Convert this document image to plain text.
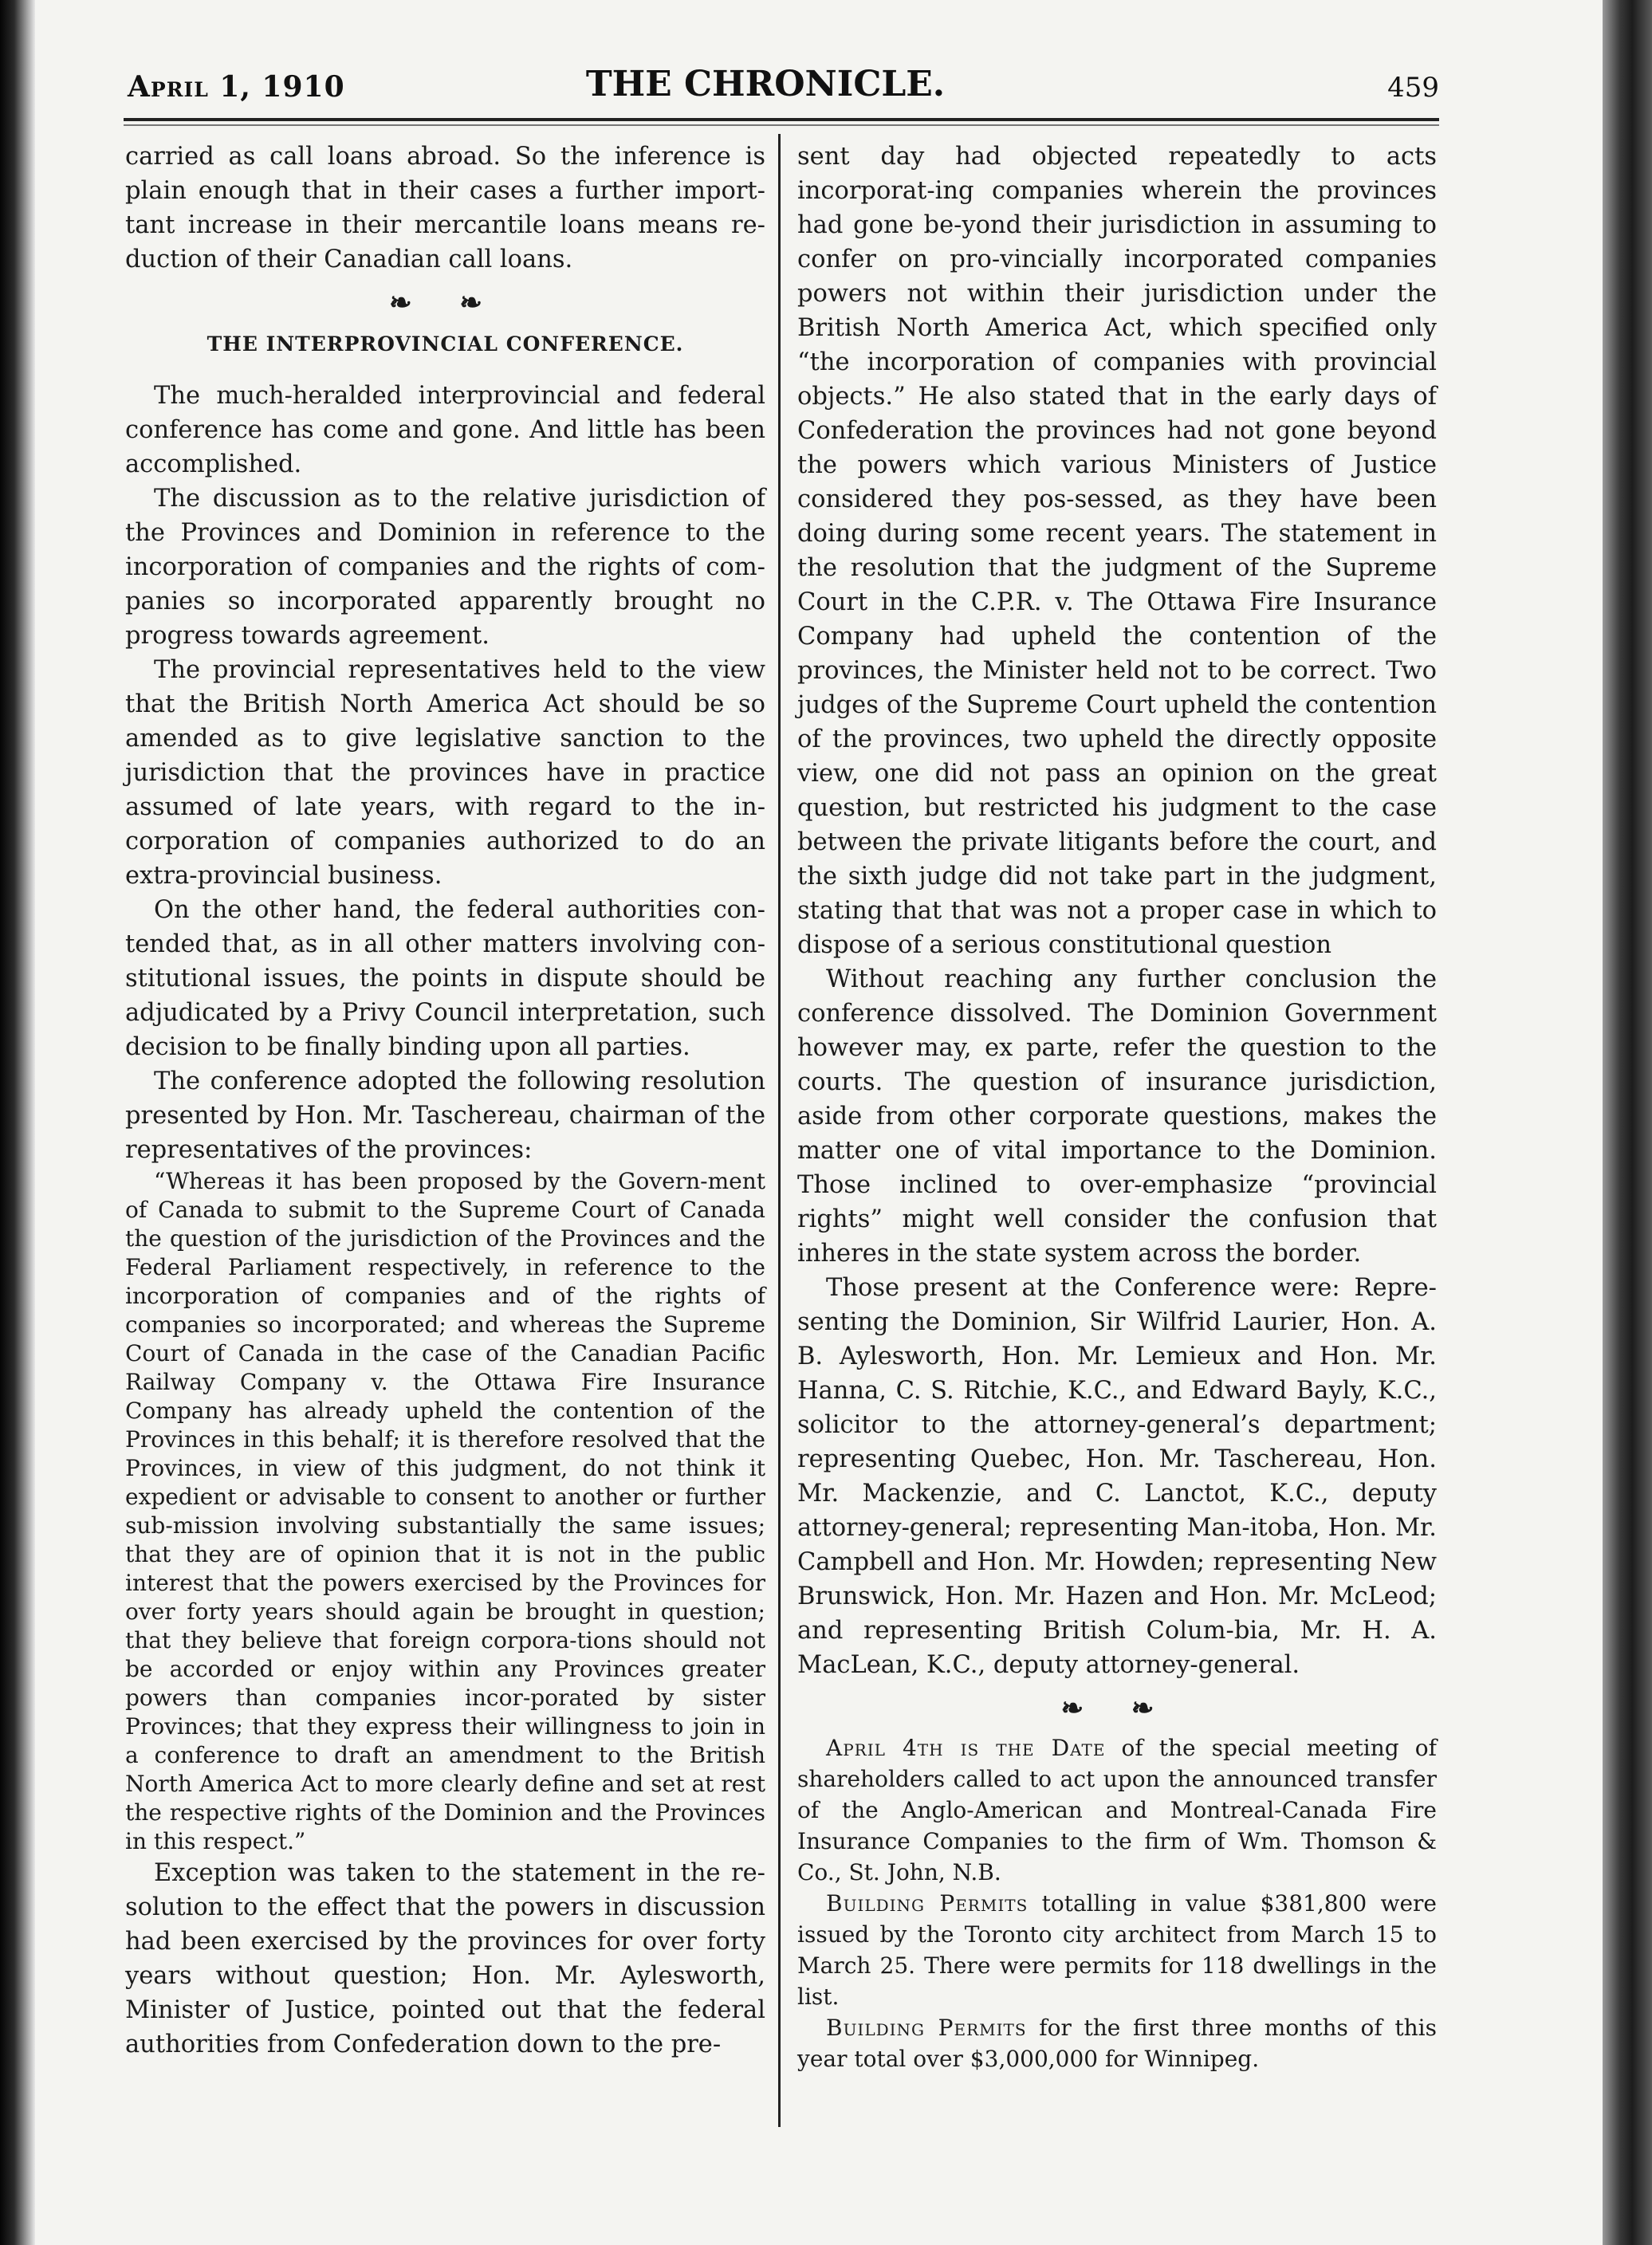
April 1, 1910	THE CHRONICLE.	459

carried as call loans abroad. So the inference is plain enough that in their cases a further import-tant increase in their mercantile loans means re-duction of their Canadian call loans.

❧ ❧
THE INTERPROVINCIAL CONFERENCE.

The much-heralded interprovincial and federal conference has come and gone. And little has been accomplished.

The discussion as to the relative jurisdiction of the Provinces and Dominion in reference to the incorporation of companies and the rights of com-panies so incorporated apparently brought no progress towards agreement.

The provincial representatives held to the view that the British North America Act should be so amended as to give legislative sanction to the jurisdiction that the provinces have in practice assumed of late years, with regard to the in-corporation of companies authorized to do an extra-provincial business.

On the other hand, the federal authorities con-tended that, as in all other matters involving con-stitutional issues, the points in dispute should be adjudicated by a Privy Council interpretation, such decision to be finally binding upon all parties.

The conference adopted the following resolution presented by Hon. Mr. Taschereau, chairman of the representatives of the provinces:

“Whereas it has been proposed by the Govern-ment of Canada to submit to the Supreme Court of Canada the question of the jurisdiction of the Provinces and the Federal Parliament respectively, in reference to the incorporation of companies and of the rights of companies so incorporated; and whereas the Supreme Court of Canada in the case of the Canadian Pacific Railway Company v. the Ottawa Fire Insurance Company has already upheld the contention of the Provinces in this behalf; it is therefore resolved that the Provinces, in view of this judgment, do not think it expedient or advisable to consent to another or further sub-mission involving substantially the same issues; that they are of opinion that it is not in the public interest that the powers exercised by the Provinces for over forty years should again be brought in question; that they believe that foreign corpora-tions should not be accorded or enjoy within any Provinces greater powers than companies incor-porated by sister Provinces; that they express their willingness to join in a conference to draft an amendment to the British North America Act to more clearly define and set at rest the respective rights of the Dominion and the Provinces in this respect.”

Exception was taken to the statement in the re-solution to the effect that the powers in discussion had been exercised by the provinces for over forty years without question; Hon. Mr. Aylesworth, Minister of Justice, pointed out that the federal authorities from Confederation down to the pre-

sent day had objected repeatedly to acts incorporat-ing companies wherein the provinces had gone be-yond their jurisdiction in assuming to confer on pro-vincially incorporated companies powers not within their jurisdiction under the British North America Act, which specified only “the incorporation of companies with provincial objects.” He also stated that in the early days of Confederation the provinces had not gone beyond the powers which various Ministers of Justice considered they pos-sessed, as they have been doing during some recent years. The statement in the resolution that the judgment of the Supreme Court in the C.P.R. v. The Ottawa Fire Insurance Company had upheld the contention of the provinces, the Minister held not to be correct. Two judges of the Supreme Court upheld the contention of the provinces, two upheld the directly opposite view, one did not pass an opinion on the great question, but restricted his judgment to the case between the private litigants before the court, and the sixth judge did not take part in the judgment, stating that that was not a proper case in which to dispose of a serious constitutional question

Without reaching any further conclusion the conference dissolved. The Dominion Government however may, ex parte, refer the question to the courts. The question of insurance jurisdiction, aside from other corporate questions, makes the matter one of vital importance to the Dominion. Those inclined to over-emphasize “provincial rights” might well consider the confusion that inheres in the state system across the border.

Those present at the Conference were: Repre-senting the Dominion, Sir Wilfrid Laurier, Hon. A. B. Aylesworth, Hon. Mr. Lemieux and Hon. Mr. Hanna, C. S. Ritchie, K.C., and Edward Bayly, K.C., solicitor to the attorney-general’s department; representing Quebec, Hon. Mr. Taschereau, Hon. Mr. Mackenzie, and C. Lanctot, K.C., deputy attorney-general; representing Man-itoba, Hon. Mr. Campbell and Hon. Mr. Howden; representing New Brunswick, Hon. Mr. Hazen and Hon. Mr. McLeod; and representing British Colum-bia, Mr. H. A. MacLean, K.C., deputy attorney-general.

❧ ❧

April 4th is the Date of the special meeting of shareholders called to act upon the announced transfer of the Anglo-American and Montreal-Canada Fire Insurance Companies to the firm of Wm. Thomson & Co., St. John, N.B.

Building Permits totalling in value $381,800 were issued by the Toronto city architect from March 15 to March 25. There were permits for 118 dwellings in the list.

Building Permits for the first three months of this year total over $3,000,000 for Winnipeg.
